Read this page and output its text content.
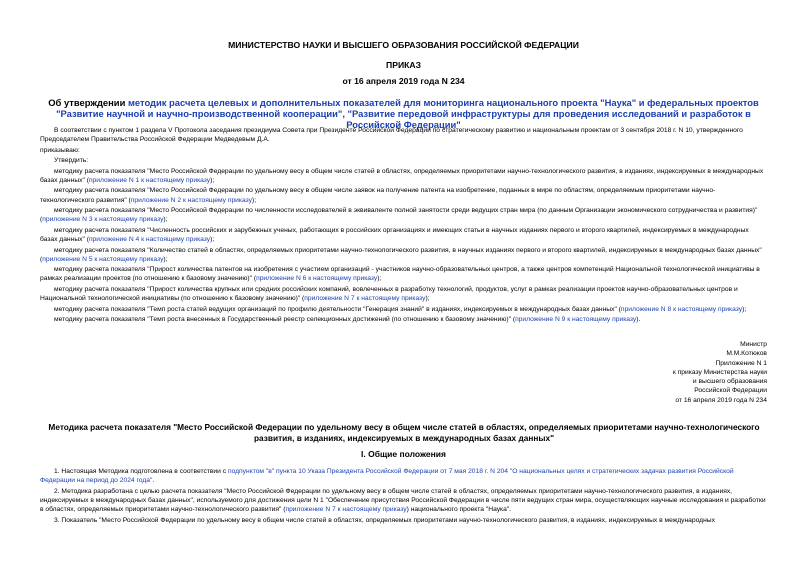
МИНИСТЕРСТВО НАУКИ И ВЫСШЕГО ОБРАЗОВАНИЯ РОССИЙСКОЙ ФЕДЕРАЦИИ
ПРИКАЗ
от 16 апреля 2019 года N 234
Об утверждении методик расчета целевых и дополнительных показателей для мониторинга национального проекта "Наука" и федеральных проектов "Развитие научной и научно-производственной кооперации", "Развитие передовой инфраструктуры для проведения исследований и разработок в Российской Федерации"

В соответствии с пунктом 1 раздела V Протокола заседания президиума Совета при Президенте Российской Федерации по стратегическому развитию и национальным проектам от 3 сентября 2018 г. N 10, утвержденного Председателем Правительства Российской Федерации Медведевым Д.А.

приказываю:

Утвердить:

методику расчета показателя "Место Российской Федерации по удельному весу в общем числе статей в областях, определяемых приоритетами научно-технологического развития, в изданиях, индексируемых в международных базах данных" (приложение N 1 к настоящему приказу);

методику расчета показателя "Место Российской Федерации по удельному весу в общем числе заявок на получение патента на изобретение, поданных в мире по областям, определяемым приоритетами научно-технологического развития" (приложение N 2 к настоящему приказу);

методику расчета показателя "Место Российской Федерации по численности исследователей в эквиваленте полной занятости среди ведущих стран мира (по данным Организации экономического сотрудничества и развития)" (приложение N 3 к настоящему приказу);

методику расчета показателя "Численность российских и зарубежных ученых, работающих в российских организациях и имеющих статьи в научных изданиях первого и второго квартилей, индексируемых в международных базах данных" (приложение N 4 к настоящему приказу);

методику расчета показателя "Количество статей в областях, определяемых приоритетами научно-технологического развития, в научных изданиях первого и второго квартилей, индексируемых в международных базах данных" (приложение N 5 к настоящему приказу);

методику расчета показателя "Прирост количества патентов на изобретения с участием организаций - участников научно-образовательных центров, а также центров компетенций Национальной технологической инициативы в рамках реализации проектов (по отношению к базовому значению)" (приложение N 6 к настоящему приказу);

методику расчета показателя "Прирост количества крупных или средних российских компаний, вовлеченных в разработку технологий, продуктов, услуг в рамках реализации проектов научно-образовательных центров и Национальной технологической инициативы (по отношению к базовому значению)" (приложение N 7 к настоящему приказу);

методику расчета показателя "Темп роста статей ведущих организаций по профилю деятельности "Генерация знаний" в изданиях, индексируемых в международных базах данных" (приложение N 8 к настоящему приказу);

методику расчета показателя "Темп роста внесенных в Государственный реестр селекционных достижений (по отношению к базовому значению)" (приложение N 9 к настоящему приказу).

Министр
М.М.Котюков
Приложение N 1
к приказу Министерства науки
и высшего образования
Российской Федерации
от 16 апреля 2019 года N 234
Методика расчета показателя "Место Российской Федерации по удельному весу в общем числе статей в областях, определяемых приоритетами научно-технологического развития, в изданиях, индексируемых в международных базах данных"
I. Общие положения

1. Настоящая Методика подготовлена в соответствии с подпунктом "в" пункта 10 Указа Президента Российской Федерации от 7 мая 2018 г. N 204 "О национальных целях и стратегических задачах развития Российской Федерации на период до 2024 года".

2. Методика разработана с целью расчета показателя "Место Российской Федерации по удельному весу в общем числе статей в областях, определяемых приоритетами научно-технологического развития, в изданиях, индексируемых в международных базах данных", используемого для достижения цели N 1 "Обеспечение присутствия Российской Федерации в числе пяти ведущих стран мира, осуществляющих научные исследования и разработки в областях, определяемых приоритетами научно-технологического развития" (приложение N 7 к настоящему приказу) национального проекта "Наука".

3. Показатель "Место Российской Федерации по удельному весу в общем числе статей в областях, определяемых приоритетами научно-технологического развития, в изданиях, индексируемых в международных
